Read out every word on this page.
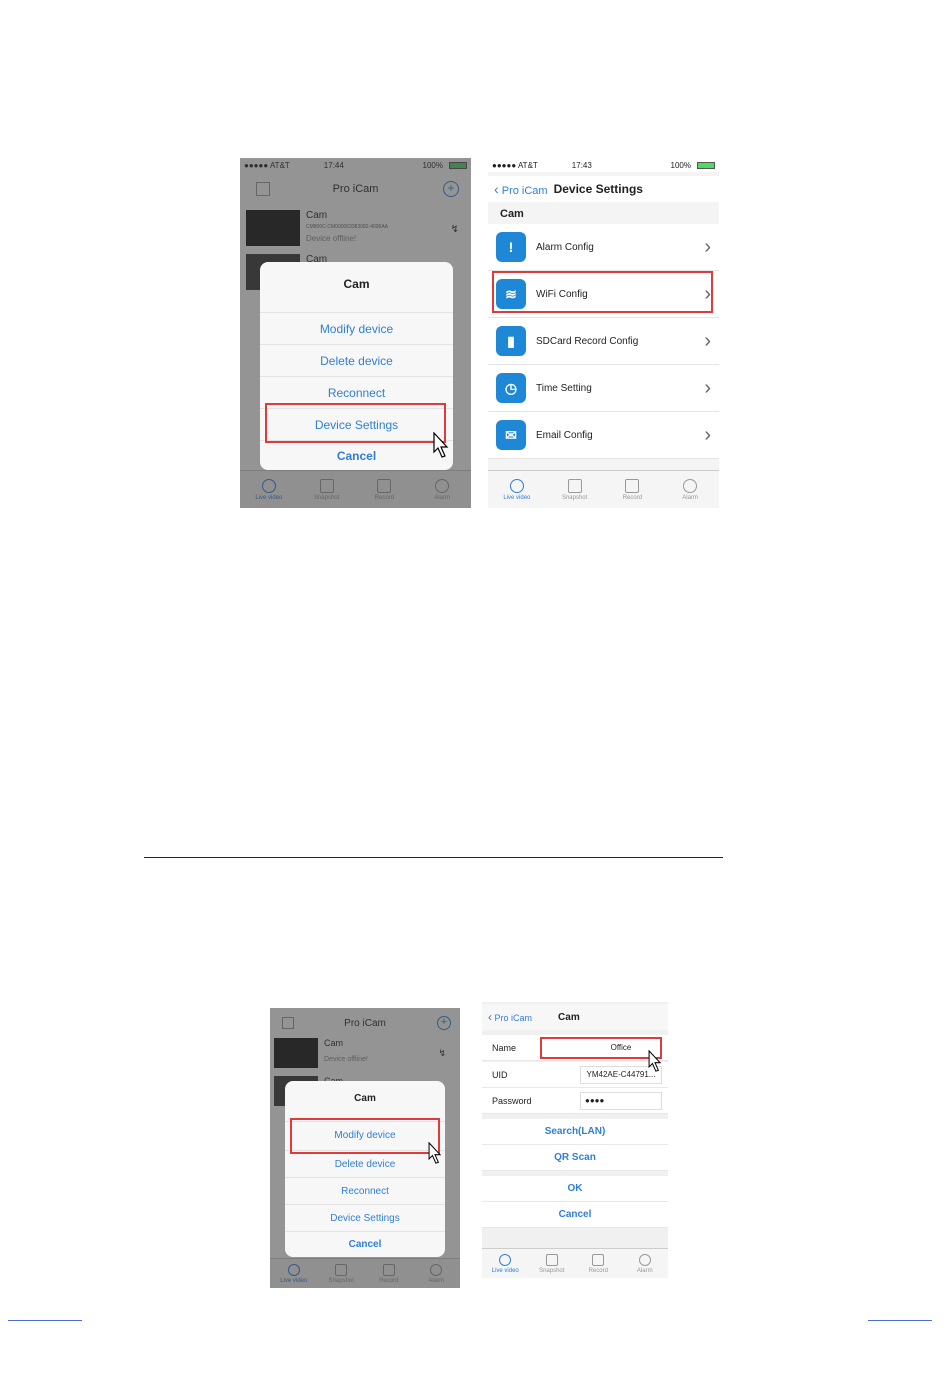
Cam
Modify device
Delete device
Reconnect
Device Settings
Cancel
●●●●● AT&T	17:43	100%
‹ Pro iCam Device Settings
Cam
!	Alarm Config	›
≋	WiFi Config	›
▮	SDCard Record Config	›
◷	Time Setting	›
✉	Email Config	›
Live video	Snapshot	Record	Alarm
Cam
Modify device
Delete device
Reconnect
Device Settings
Cancel
‹ Pro iCam	Cam
Name	Office
UID	YM42AE-C44791...
Password	●●●●
Search(LAN)
QR Scan
OK
Cancel
Live video	Snapshot	Record	Alarm
